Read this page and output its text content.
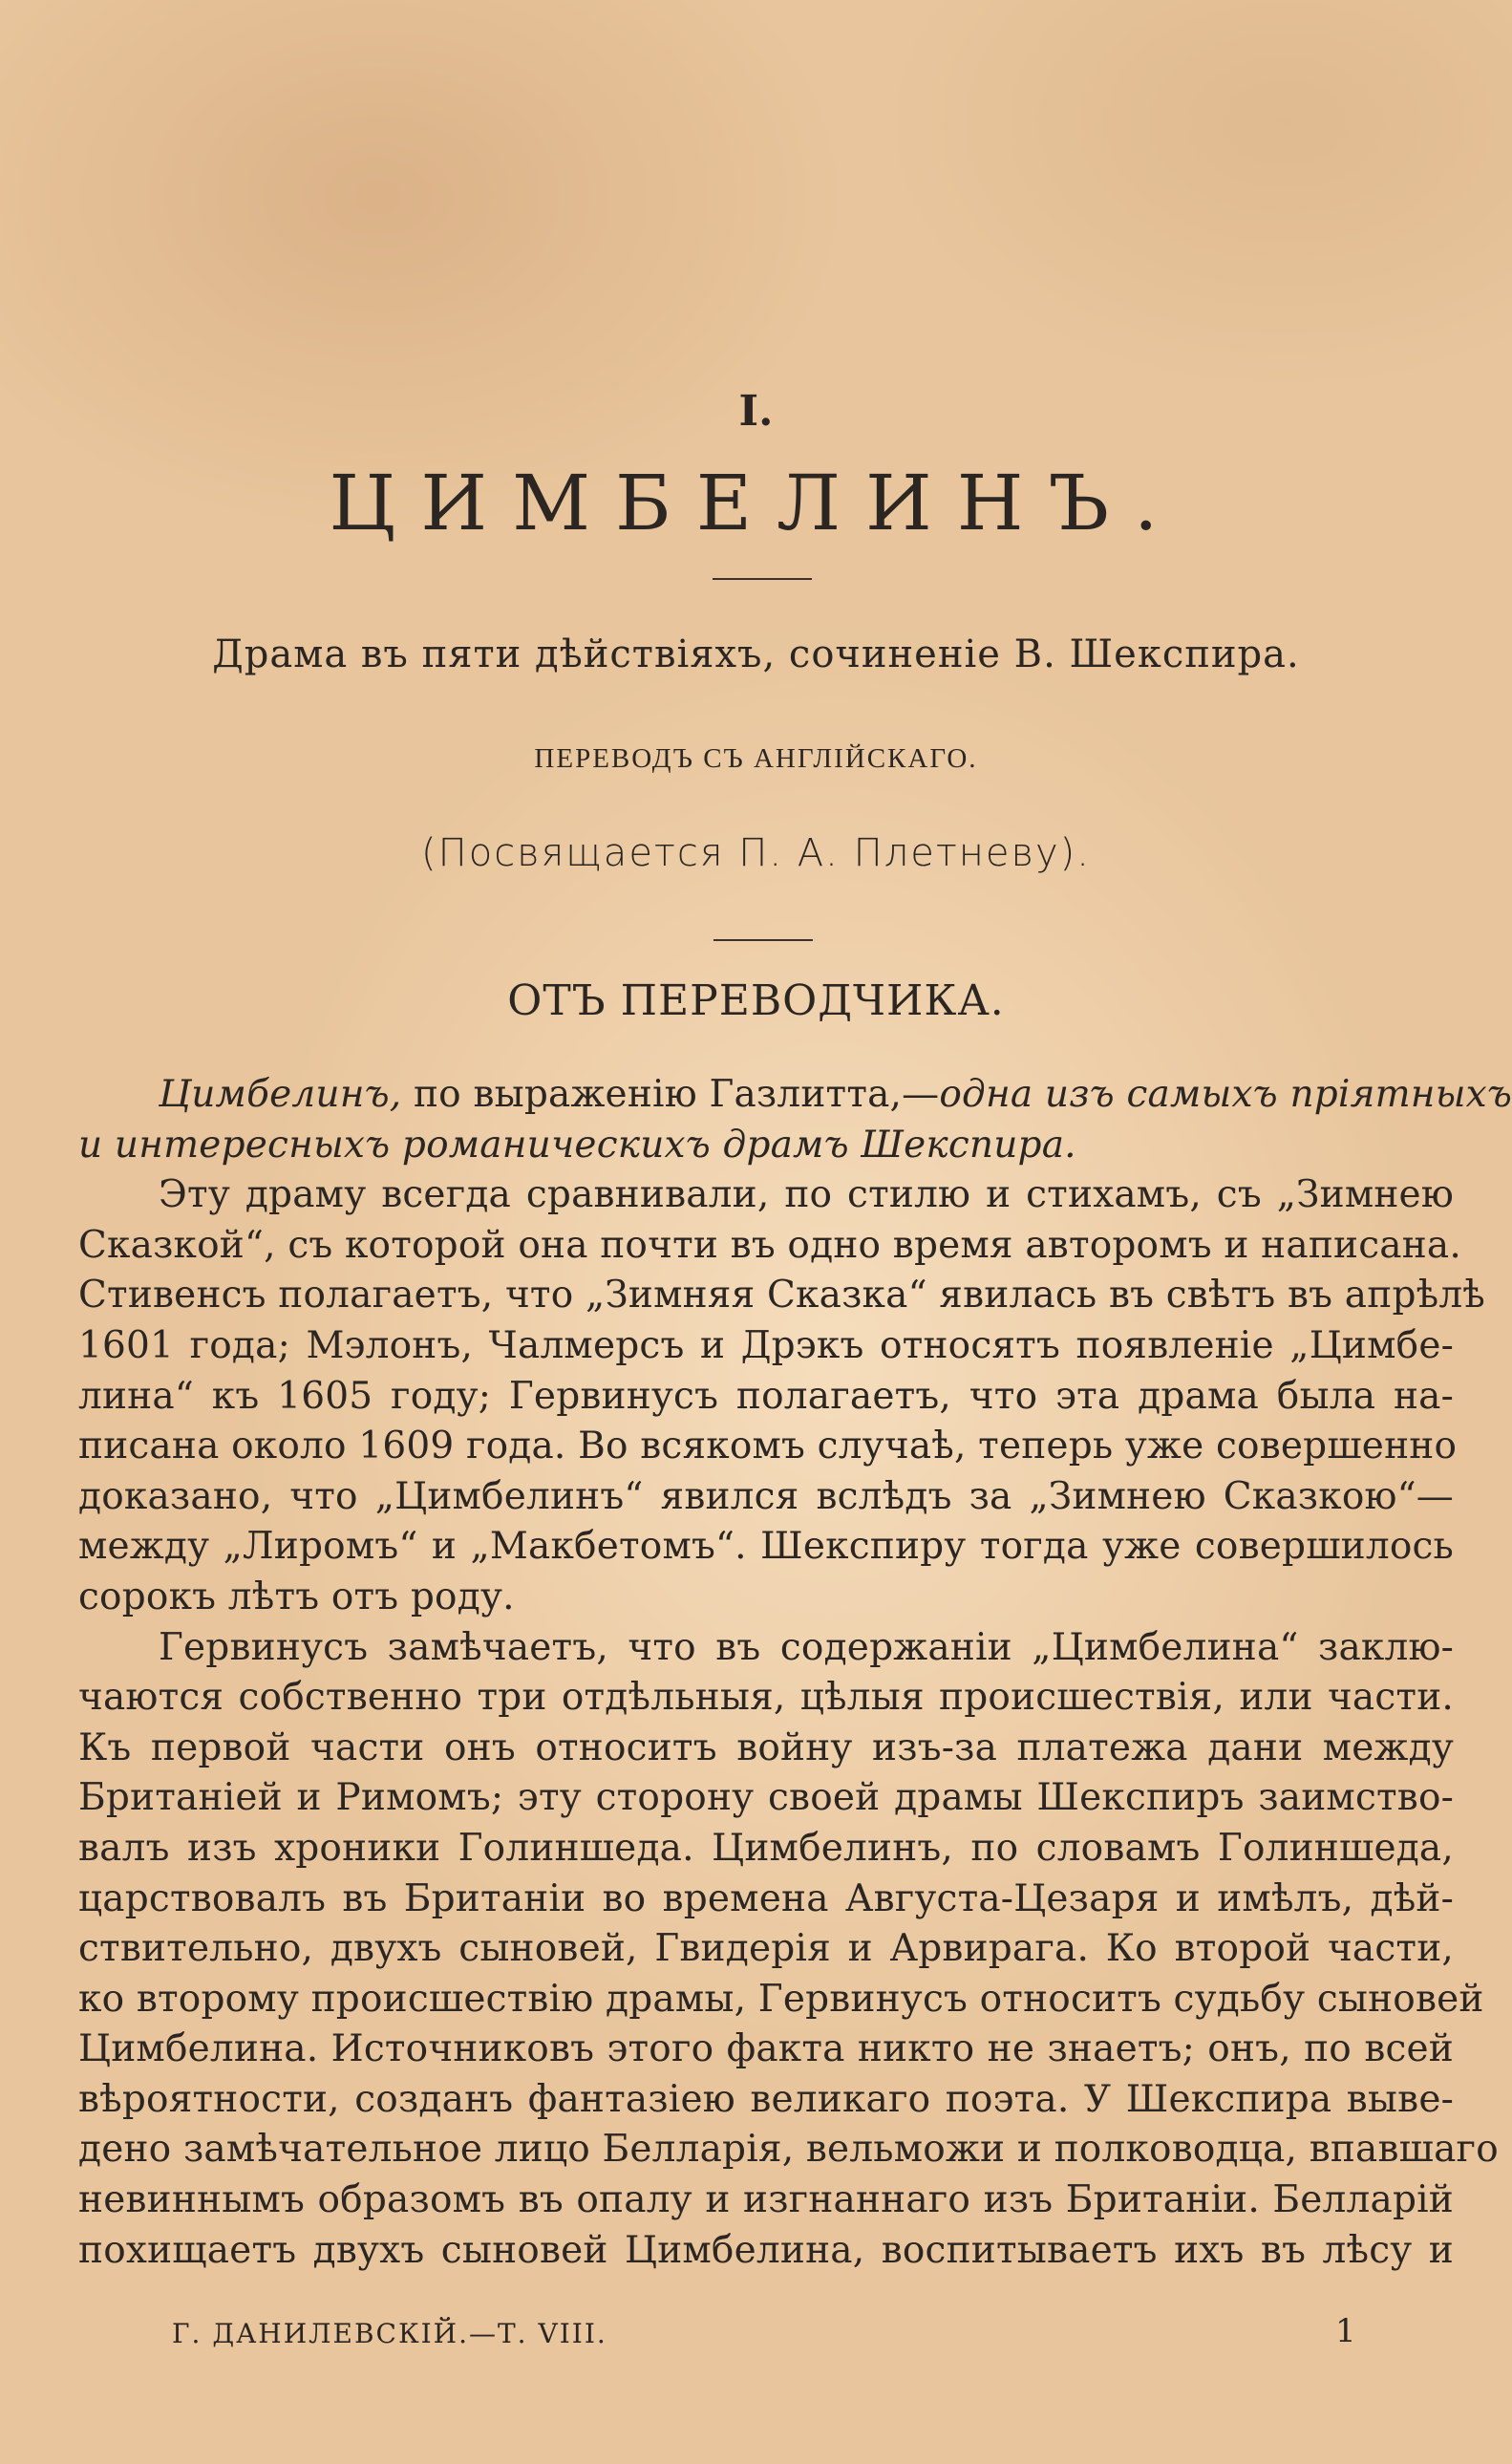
I.
ЦИМБЕЛИНЪ.
Драма въ пяти дѣйствіяхъ, сочиненіе В. Шекспира.
ПЕРЕВОДЪ СЪ АНГЛІЙСКАГО.
(Посвящается П. А. Плетневу).
ОТЪ ПЕРЕВОДЧИКА.
Цимбелинъ, по выраженію Газлитта,—одна изъ самыхъ пріятныхъ
и интересныхъ романическихъ драмъ Шекспира.
Эту драму всегда сравнивали, по стилю и стихамъ, съ „Зимнею
Сказкой“, съ которой она почти въ одно время авторомъ и написана.
Стивенсъ полагаетъ, что „Зимняя Сказка“ явилась въ свѣтъ въ апрѣлѣ
1601 года; Мэлонъ, Чалмерсъ и Дрэкъ относятъ появленіе „Цимбе-
лина“ къ 1605 году; Гервинусъ полагаетъ, что эта драма была на-
писана около 1609 года. Во всякомъ случаѣ, теперь уже совершенно
доказано, что „Цимбелинъ“ явился вслѣдъ за „Зимнею Сказкою“—
между „Лиромъ“ и „Макбетомъ“. Шекспиру тогда уже совершилось
сорокъ лѣтъ отъ роду.
Гервинусъ замѣчаетъ, что въ содержаніи „Цимбелина“ заклю-
чаются собственно три отдѣльныя, цѣлыя происшествія, или части.
Къ первой части онъ относитъ войну изъ-за платежа дани между
Британіей и Римомъ; эту сторону своей драмы Шекспиръ заимство-
валъ изъ хроники Голиншеда. Цимбелинъ, по словамъ Голиншеда,
царствовалъ въ Британіи во времена Августа-Цезаря и имѣлъ, дѣй-
ствительно, двухъ сыновей, Гвидерія и Арвирага. Ко второй части,
ко второму происшествію драмы, Гервинусъ относитъ судьбу сыновей
Цимбелина. Источниковъ этого факта никто не знаетъ; онъ, по всей
вѣроятности, созданъ фантазіею великаго поэта. У Шекспира выве-
дено замѣчательное лицо Белларія, вельможи и полководца, впавшаго
невиннымъ образомъ въ опалу и изгнаннаго изъ Британіи. Белларій
похищаетъ двухъ сыновей Цимбелина, воспитываетъ ихъ въ лѣсу и
Г. ДАНИЛЕВСКІЙ.—Т. VIII.	1
